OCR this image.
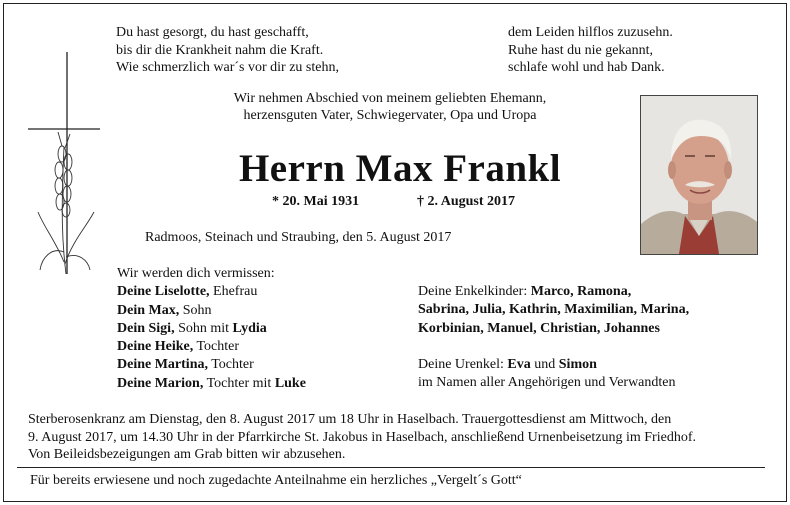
Du hast gesorgt, du hast geschafft,
bis dir die Krankheit nahm die Kraft.
Wie schmerzlich war´s vor dir zu stehn,
dem Leiden hilflos zuzusehn.
Ruhe hast du nie gekannt,
schlafe wohl und hab Dank.
Wir nehmen Abschied von meinem geliebten Ehemann,
herzensguten Vater, Schwiegervater, Opa und Uropa
Herrn Max Frankl
* 20. Mai 1931	† 2. August 2017
Radmoos, Steinach und Straubing, den 5. August 2017
Wir werden dich vermissen:
Deine Liselotte, Ehefrau
Dein Max, Sohn
Dein Sigi, Sohn mit Lydia
Deine Heike, Tochter
Deine Martina, Tochter
Deine Marion, Tochter mit Luke
Deine Enkelkinder: Marco, Ramona,
Sabrina, Julia, Kathrin, Maximilian, Marina,
Korbinian, Manuel, Christian, Johannes
Deine Urenkel: Eva und Simon
im Namen aller Angehörigen und Verwandten
Sterberosenkranz am Dienstag, den 8. August 2017 um 18 Uhr in Haselbach. Trauergottesdienst am Mittwoch, den
9. August 2017, um 14.30 Uhr in der Pfarrkirche St. Jakobus in Haselbach, anschließend Urnenbeisetzung im Friedhof.
Von Beileidsbezeigungen am Grab bitten wir abzusehen.
Für bereits erwiesene und noch zugedachte Anteilnahme ein herzliches „Vergelt´s Gott“
